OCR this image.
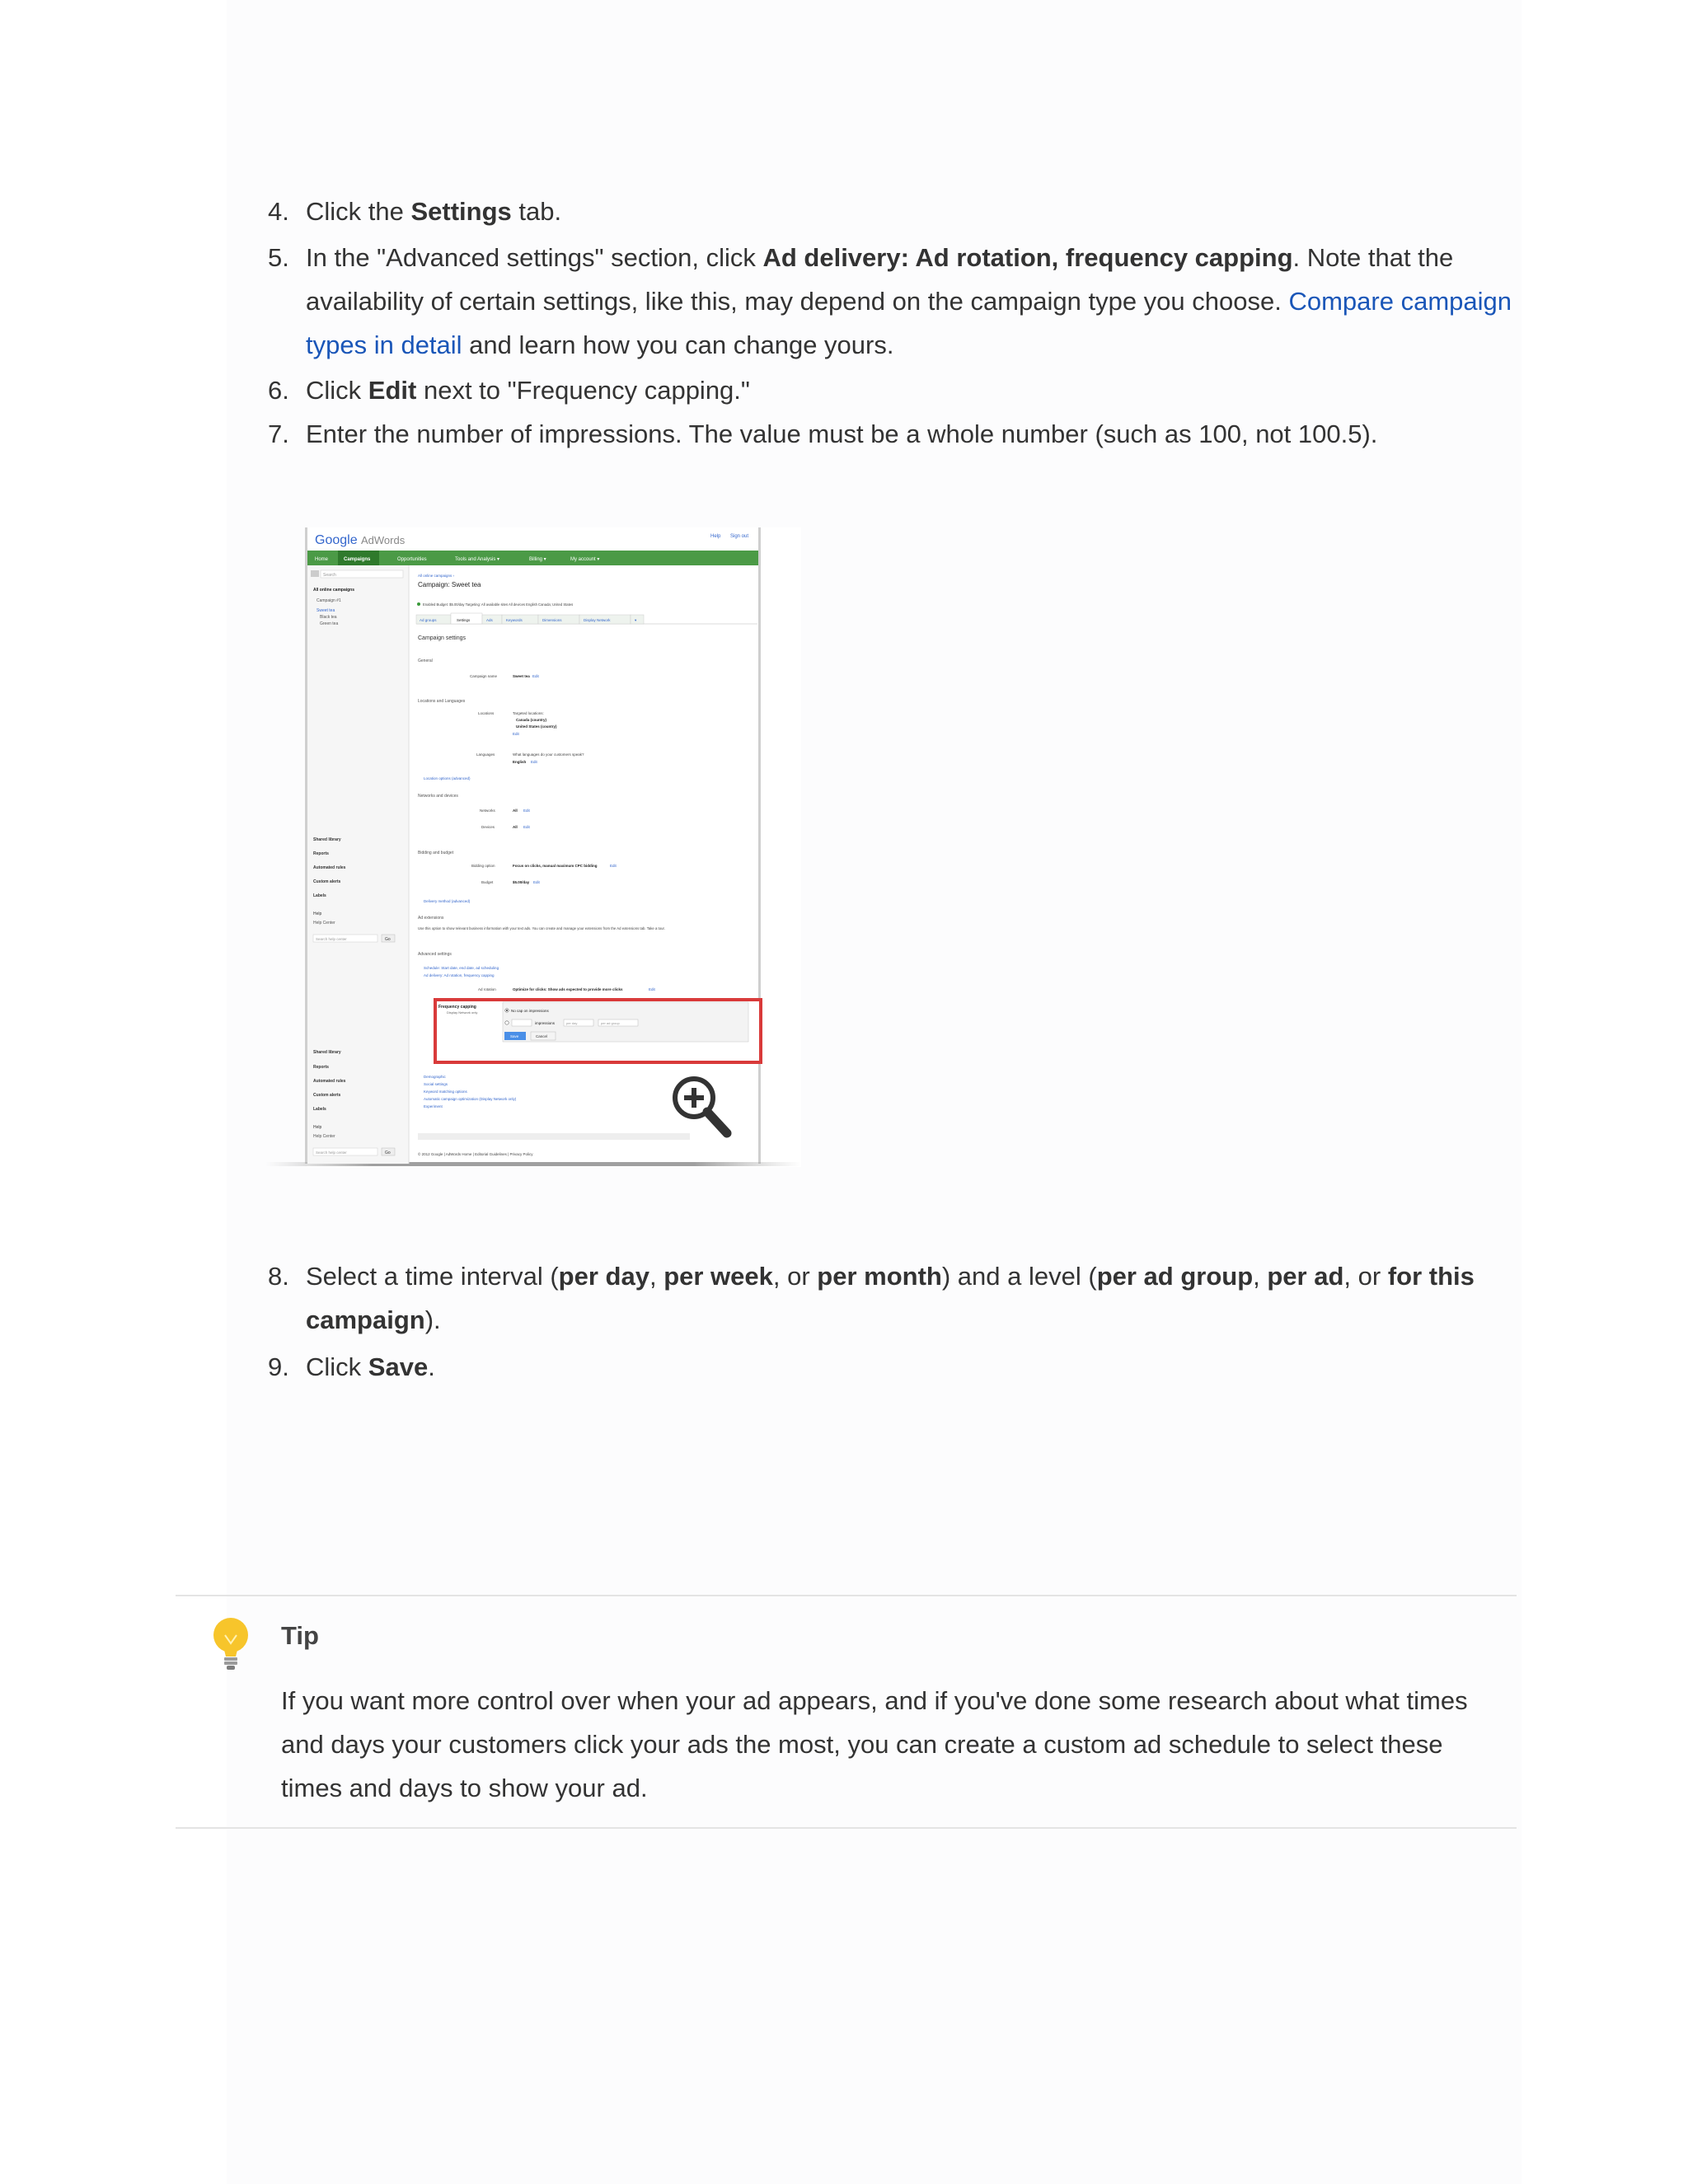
4. Click the Settings tab.
5. In the "Advanced settings" section, click Ad delivery: Ad rotation, frequency capping. Note that the availability of certain settings, like this, may depend on the campaign type you choose. Compare campaign types in detail and learn how you can change yours.
6. Click Edit next to "Frequency capping."
7. Enter the number of impressions. The value must be a whole number (such as 100, not 100.5).
Google AdWords	Help Sign out
Home	Campaigns	Opportunities	Tools and Analysis ▾	Billing ▾	My account ▾
Search
All online campaigns
Campaign #1
Sweet tea
Black tea
Green tea
Shared library
Reports
Automated rules
Custom alerts
Labels
Help
Help Center
Search help center	Go
Shared library
Reports
Automated rules
Custom alerts
Labels
Help
Help Center
Search help center	Go
All online campaigns ›
Campaign: Sweet tea
Enabled Budget: $5.00/day Targeting: All available sites All devices English Canada; United States
Ad groups	Settings	Ads	Keywords	Dimensions	Display Network	▾
Campaign settings
General
Campaign name	Sweet tea Edit
Locations and Languages
Locations	Targeted locations:
Canada (country)
United States (country)
Edit
Languages	What languages do your customers speak?
English Edit
Location options (advanced)
Networks and devices
Networks	All Edit
Devices	All Edit
Bidding and budget
Bidding option	Focus on clicks, manual maximum CPC bidding	Edit
Budget	$5.00/day Edit
Delivery method (advanced)
Ad extensions
Use this option to show relevant business information with your text ads. You can create and manage your extensions from the Ad extensions tab. Take a tour.
Advanced settings
Schedule: Start date, end date, ad scheduling
Ad delivery: Ad rotation, frequency capping
Ad rotation	Optimize for clicks: Show ads expected to provide more clicks	Edit
Frequency capping
Display Network only	No cap on impressions
impressions	per day	per ad group
Save	Cancel
Demographic
Social settings
Keyword matching options
Automatic campaign optimization (Display Network only)
Experiment
© 2012 Google | AdWords Home | Editorial Guidelines | Privacy Policy
8. Select a time interval (per day, per week, or per month) and a level (per ad group, per ad, or for this campaign).
9. Click Save.
Tip
If you want more control over when your ad appears, and if you've done some research about what times and days your customers click your ads the most, you can create a custom ad schedule to select these times and days to show your ad.
